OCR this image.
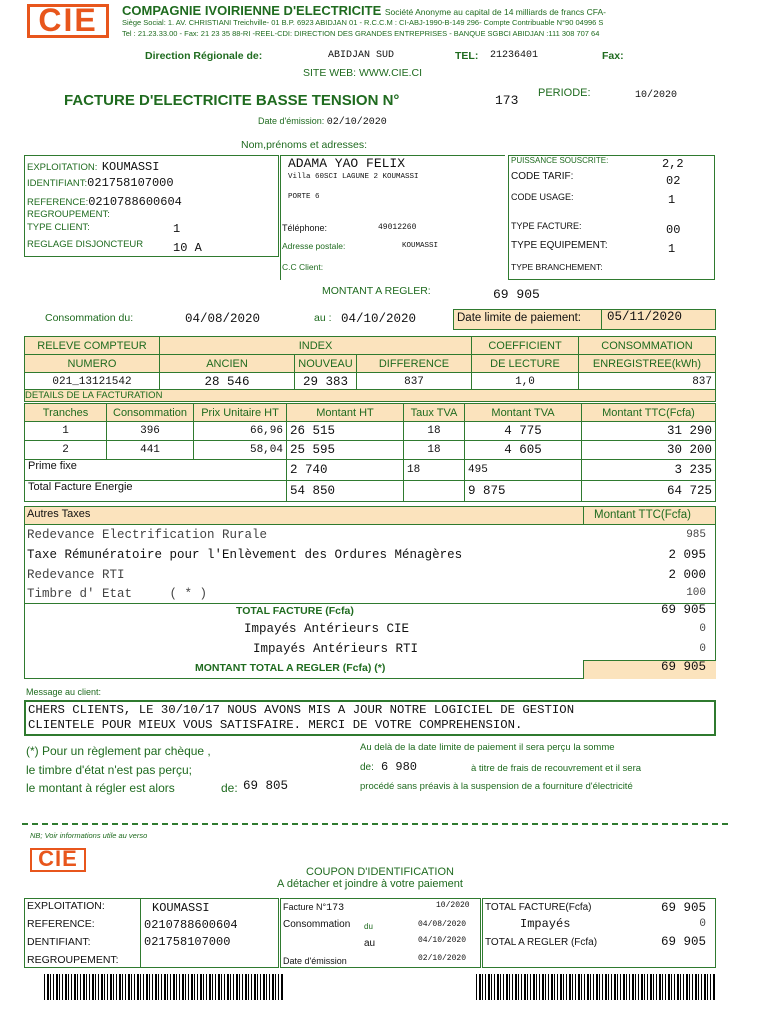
CIE	COMPAGNIE IVOIRIENNE D'ELECTRICITE Société Anonyme au capital de 14 milliards de francs CFA-
Siège Social: 1. AV. CHRISTIANI Treichville- 01 B.P. 6923 ABIDJAN 01 - R.C.C.M : CI-ABJ-1990-B-149 296- Compte Contribuable N°90 04996 S
Tel : 21.23.33.00 - Fax: 21 23 35 88-RI -REEL-CDI: DIRECTION DES GRANDES ENTREPRISES - BANQUE SGBCI ABIDJAN :111 308 707 64
Direction Régionale de:	ABIDJAN SUD	TEL: 21236401	Fax:
SITE WEB: WWW.CIE.CI
FACTURE D'ELECTRICITE BASSE TENSION N°	173 PERIODE:	10/2020
Date d'émission: 02/10/2020
Nom,prénoms et adresses:
EXPLOITATION: KOUMASSI
IDENTIFIANT:021758107000
REFERENCE:0210788600604
REGROUPEMENT:
TYPE CLIENT:	1
REGLAGE DISJONCTEUR 10 A
ADAMA YAO FELIX
Villa 60SCI LAGUNE 2 KOUMASSI
PORTE 6
Téléphone:	49012260
Adresse postale:	KOUMASSI
C.C Client:
PUISSANCE SOUSCRITE:	2,2
CODE TARIF:	02
CODE USAGE:	1
TYPE FACTURE:	00
TYPE EQUIPEMENT:	1
TYPE BRANCHEMENT:
MONTANT A REGLER:	69 905
Consommation du:	04/08/2020	au : 04/10/2020	Date limite de paiement: 05/11/2020
RELEVE COMPTEUR	INDEX			COEFFICIENT	CONSOMMATION
NUMERO	ANCIEN	NOUVEAU	DIFFERENCE	DE LECTURE	ENREGISTREE(kWh)
021_13121542	28 546	29 383	837	1,0	837
DETAILS DE LA FACTURATION
Tranches	Consommation	Prix Unitaire HT	Montant HT	Taux TVA	Montant TVA	Montant TTC(Fcfa)
1	396	66,96	26 515	18	4 775	31 290
2	441	58,04	25 595	18	4 605	30 200
Prime fixe			2 740	18	495	3 235
Total Facture Energie			54 850		9 875	64 725
Autres Taxes	Montant TTC(Fcfa)
Redevance Electrification Rurale	985
Taxe Rémunératoire pour l'Enlèvement des Ordures Ménagères	2 095
Redevance RTI	2 000
Timbre d' Etat     ( * )	100
TOTAL FACTURE (Fcfa)	69 905
Impayés Antérieurs CIE	0
Impayés Antérieurs RTI	0
MONTANT TOTAL A REGLER (Fcfa) (*)	69 905
Message au client:
CHERS CLIENTS, LE 30/10/17 NOUS AVONS MIS A JOUR NOTRE LOGICIEL DE GESTION
CLIENTELE POUR MIEUX VOUS SATISFAIRE. MERCI DE VOTRE COMPREHENSION.
(*) Pour un règlement par chèque ,
le timbre d'état n'est pas perçu;
le montant à régler est alors	de: 69 805
Au delà de la date limite de paiement il sera perçu la somme
de: 6 980	à titre de frais de recouvrement et il sera
procédé sans préavis à la suspension de a fourniture d'électricité
NB; Voir informations utile au verso
CIE
COUPON D'IDENTIFICATION
A détacher et joindre à votre paiement
EXPLOITATION:	KOUMASSI
REFERENCE:	0210788600604
DENTIFIANT:	021758107000
REGROUPEMENT:
Facture N°173	10/2020
Consommation du	04/08/2020
au	04/10/2020
Date d'émission	02/10/2020
TOTAL FACTURE(Fcfa)	69 905
Impayés	0
TOTAL A REGLER (Fcfa)	69 905
